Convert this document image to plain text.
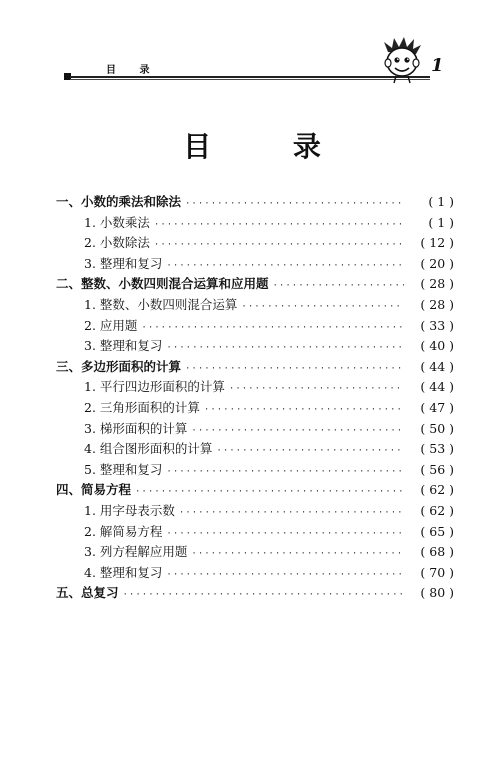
目 录	1
目 录
一、小数的乘法和除法 ·····	( 1 )
1. 小数乘法 ·····	( 1 )
2. 小数除法 ·····	( 12 )
3. 整理和复习 ·····	( 20 )
二、整数、小数四则混合运算和应用题 ·····	( 28 )
1. 整数、小数四则混合运算 ·····	( 28 )
2. 应用题 ·····	( 33 )
3. 整理和复习 ·····	( 40 )
三、多边形面积的计算 ·····	( 44 )
1. 平行四边形面积的计算 ·····	( 44 )
2. 三角形面积的计算 ·····	( 47 )
3. 梯形面积的计算 ·····	( 50 )
4. 组合图形面积的计算 ·····	( 53 )
5. 整理和复习 ·····	( 56 )
四、简易方程 ·····	( 62 )
1. 用字母表示数 ·····	( 62 )
2. 解简易方程 ·····	( 65 )
3. 列方程解应用题 ·····	( 68 )
4. 整理和复习 ·····	( 70 )
五、总复习 ·····	( 80 )
